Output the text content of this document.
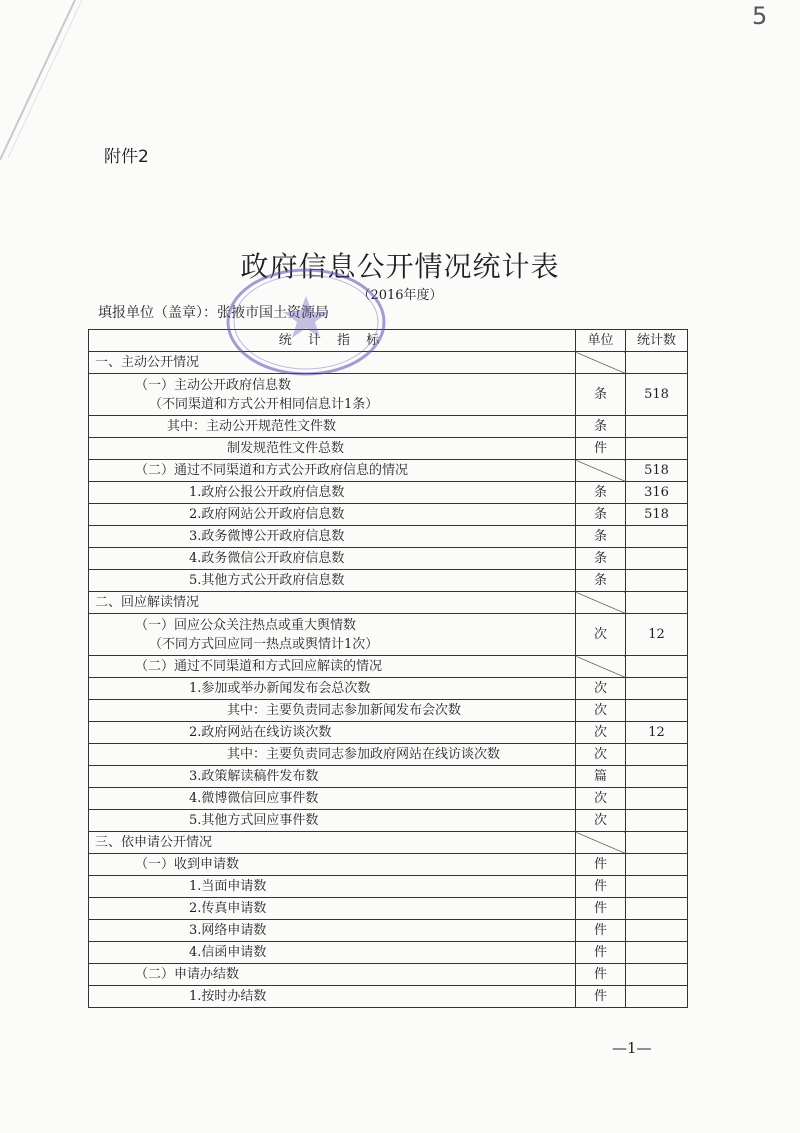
5
附件2
政府信息公开情况统计表
（2016年度）
填报单位（盖章）：张掖市国土资源局
统 计 指 标	单位	统计数
一、主动公开情况		

（一）主动公开政府信息数
（不同渠道和方式公开相同信息计1条）	条	518
其中：主动公开规范性文件数	条	
制发规范性文件总数	件	
（二）通过不同渠道和方式公开政府信息的情况		518
1.政府公报公开政府信息数	条	316
2.政府网站公开政府信息数	条	518
3.政务微博公开政府信息数	条	
4.政务微信公开政府信息数	条	
5.其他方式公开政府信息数	条	
二、回应解读情况		

（一）回应公众关注热点或重大舆情数
（不同方式回应同一热点或舆情计1次）	次	12
（二）通过不同渠道和方式回应解读的情况		
1.参加或举办新闻发布会总次数	次	
其中：主要负责同志参加新闻发布会次数	次	
2.政府网站在线访谈次数	次	12
其中：主要负责同志参加政府网站在线访谈次数	次	
3.政策解读稿件发布数	篇	
4.微博微信回应事件数	次	
5.其他方式回应事件数	次	
三、依申请公开情况		
（一）收到申请数	件	
1.当面申请数	件	
2.传真申请数	件	
3.网络申请数	件	
4.信函申请数	件	
（二）申请办结数	件	
1.按时办结数	件	
—1—
